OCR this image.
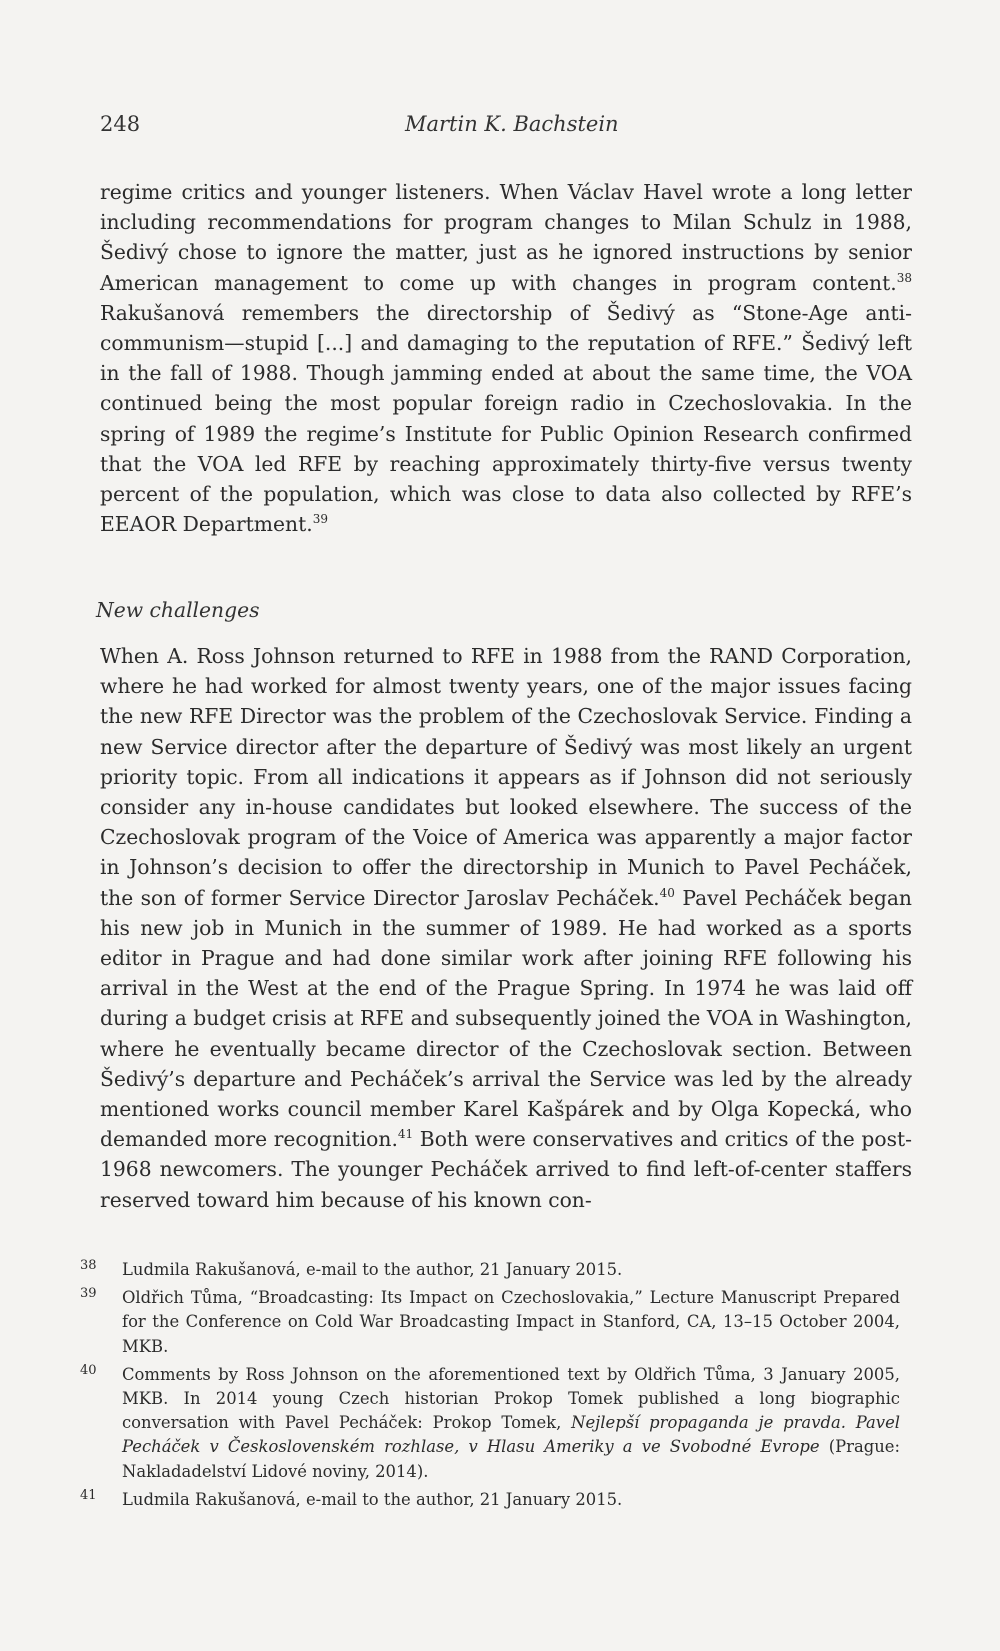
248	Martin K. Bachstein

regime critics and younger listeners. When Václav Havel wrote a long letter including recommendations for program changes to Milan Schulz in 1988, Šedivý chose to ignore the matter, just as he ignored instructions by senior American management to come up with changes in program content.$^{38}$ Rakušanová remembers the directorship of Šedivý as “Stone-Age anti-communism—stupid [...] and damaging to the reputation of RFE.” Šedivý left in the fall of 1988. Though jamming ended at about the same time, the VOA continued being the most popular foreign radio in Czechoslovakia. In the spring of 1989 the regime’s Institute for Public Opinion Research confirmed that the VOA led RFE by reaching approximately thirty-five versus twenty percent of the population, which was close to data also collected by RFE’s EEAOR Department.$^{39}$

New challenges

When A. Ross Johnson returned to RFE in 1988 from the RAND Corporation, where he had worked for almost twenty years, one of the major issues facing the new RFE Director was the problem of the Czechoslovak Service. Finding a new Service director after the departure of Šedivý was most likely an urgent priority topic. From all indications it appears as if Johnson did not seriously consider any in-house candidates but looked elsewhere. The success of the Czechoslovak program of the Voice of America was apparently a major factor in Johnson’s decision to offer the directorship in Munich to Pavel Pecháček, the son of former Service Director Jaroslav Pecháček.$^{40}$ Pavel Pecháček began his new job in Munich in the summer of 1989. He had worked as a sports editor in Prague and had done similar work after joining RFE following his arrival in the West at the end of the Prague Spring. In 1974 he was laid off during a budget crisis at RFE and subsequently joined the VOA in Washington, where he eventually became director of the Czechoslovak section. Between Šedivý’s departure and Pecháček’s arrival the Service was led by the already mentioned works council member Karel Kašpárek and by Olga Kopecká, who demanded more recognition.$^{41}$ Both were conservatives and critics of the post-1968 newcomers. The younger Pecháček arrived to find left-of-center staffers reserved toward him because of his known con-

38 Ludmila Rakušanová, e-mail to the author, 21 January 2015.
39 Oldřich Tůma, “Broadcasting: Its Impact on Czechoslovakia,” Lecture Manuscript Prepared for the Conference on Cold War Broadcasting Impact in Stanford, CA, 13–15 October 2004, MKB.
40 Comments by Ross Johnson on the aforementioned text by Oldřich Tůma, 3 January 2005, MKB. In 2014 young Czech historian Prokop Tomek published a long biographic conversation with Pavel Pecháček: Prokop Tomek, Nejlepší propaganda je pravda. Pavel Pecháček v Československém rozhlase, v Hlasu Ameriky a ve Svobodné Evrope (Prague: Nakladadelství Lidové noviny, 2014).
41 Ludmila Rakušanová, e-mail to the author, 21 January 2015.
